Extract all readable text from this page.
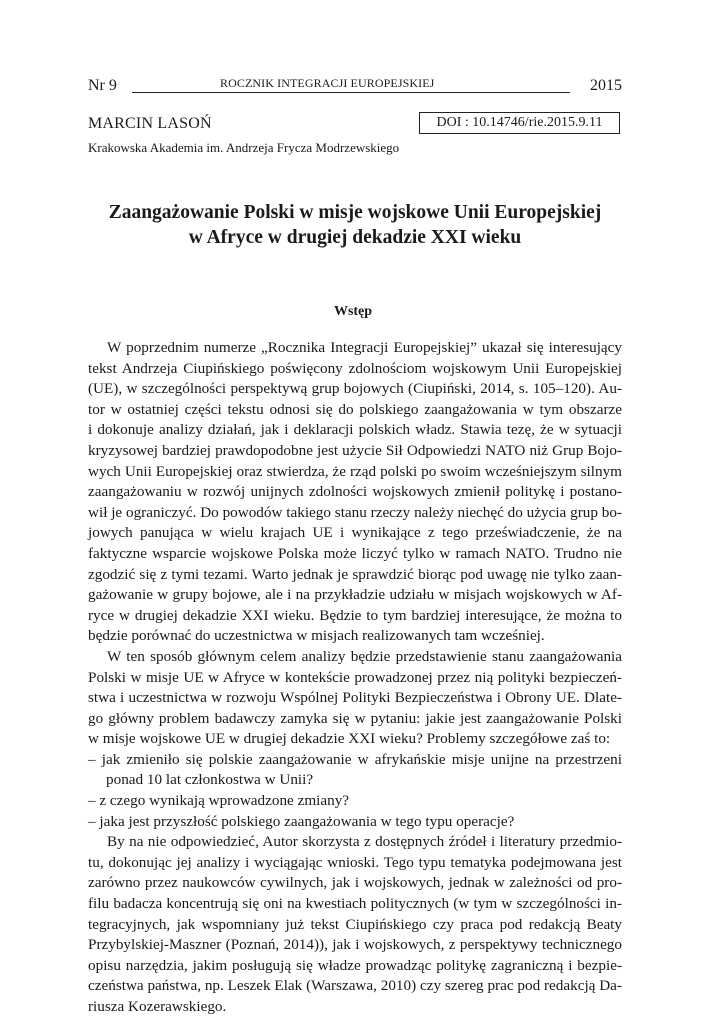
Nr 9	ROCZNIK INTEGRACJI EUROPEJSKIEJ	2015
MARCIN LASOŃ	DOI : 10.14746/rie.2015.9.11
Krakowska Akademia im. Andrzeja Frycza Modrzewskiego
Zaangażowanie Polski w misje wojskowe Unii Europejskiej
w Afryce w drugiej dekadzie XXI wieku
Wstęp
W poprzednim numerze „Rocznika Integracji Europejskiej” ukazał się interesujący
tekst Andrzeja Ciupińskiego poświęcony zdolnościom wojskowym Unii Europejskiej
(UE), w szczególności perspektywą grup bojowych (Ciupiński, 2014, s. 105–120). Au-
tor w ostatniej części tekstu odnosi się do polskiego zaangażowania w tym obszarze
i dokonuje analizy działań, jak i deklaracji polskich władz. Stawia tezę, że w sytuacji
kryzysowej bardziej prawdopodobne jest użycie Sił Odpowiedzi NATO niż Grup Bojo-
wych Unii Europejskiej oraz stwierdza, że rząd polski po swoim wcześniejszym silnym
zaangażowaniu w rozwój unijnych zdolności wojskowych zmienił politykę i postano-
wił je ograniczyć. Do powodów takiego stanu rzeczy należy niechęć do użycia grup bo-
jowych panująca w wielu krajach UE i wynikające z tego przeświadczenie, że na
faktyczne wsparcie wojskowe Polska może liczyć tylko w ramach NATO. Trudno nie
zgodzić się z tymi tezami. Warto jednak je sprawdzić biorąc pod uwagę nie tylko zaan-
gażowanie w grupy bojowe, ale i na przykładzie udziału w misjach wojskowych w Af-
ryce w drugiej dekadzie XXI wieku. Będzie to tym bardziej interesujące, że można to
będzie porównać do uczestnictwa w misjach realizowanych tam wcześniej.
W ten sposób głównym celem analizy będzie przedstawienie stanu zaangażowania
Polski w misje UE w Afryce w kontekście prowadzonej przez nią polityki bezpieczeń-
stwa i uczestnictwa w rozwoju Wspólnej Polityki Bezpieczeństwa i Obrony UE. Dlate-
go główny problem badawczy zamyka się w pytaniu: jakie jest zaangażowanie Polski
w misje wojskowe UE w drugiej dekadzie XXI wieku? Problemy szczegółowe zaś to:
– jak zmieniło się polskie zaangażowanie w afrykańskie misje unijne na przestrzeni
ponad 10 lat członkostwa w Unii?
– z czego wynikają wprowadzone zmiany?
– jaka jest przyszłość polskiego zaangażowania w tego typu operacje?
By na nie odpowiedzieć, Autor skorzysta z dostępnych źródeł i literatury przedmio-
tu, dokonując jej analizy i wyciągając wnioski. Tego typu tematyka podejmowana jest
zarówno przez naukowców cywilnych, jak i wojskowych, jednak w zależności od pro-
filu badacza koncentrują się oni na kwestiach politycznych (w tym w szczególności in-
tegracyjnych, jak wspomniany już tekst Ciupińskiego czy praca pod redakcją Beaty
Przybylskiej-Maszner (Poznań, 2014)), jak i wojskowych, z perspektywy technicznego
opisu narzędzia, jakim posługują się władze prowadząc politykę zagraniczną i bezpie-
czeństwa państwa, np. Leszek Elak (Warszawa, 2010) czy szereg prac pod redakcją Da-
riusza Kozerawskiego.
